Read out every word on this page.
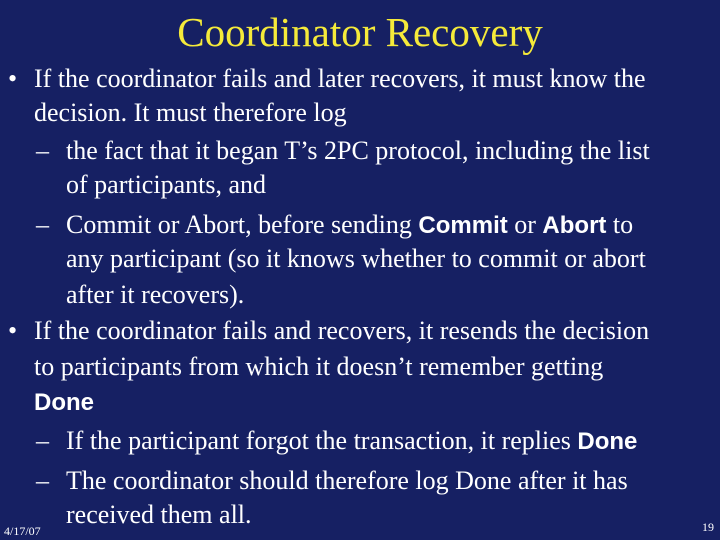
Coordinator Recovery
• If the coordinator fails and later recovers, it must know the
decision. It must therefore log
– the fact that it began T’s 2PC protocol, including the list
of participants, and
– Commit or Abort, before sending Commit or Abort to
any participant (so it knows whether to commit or abort
after it recovers).
• If the coordinator fails and recovers, it resends the decision
to participants from which it doesn’t remember getting
Done
– If the participant forgot the transaction, it replies Done
– The coordinator should therefore log Done after it has
received them all.
4/17/07	19
